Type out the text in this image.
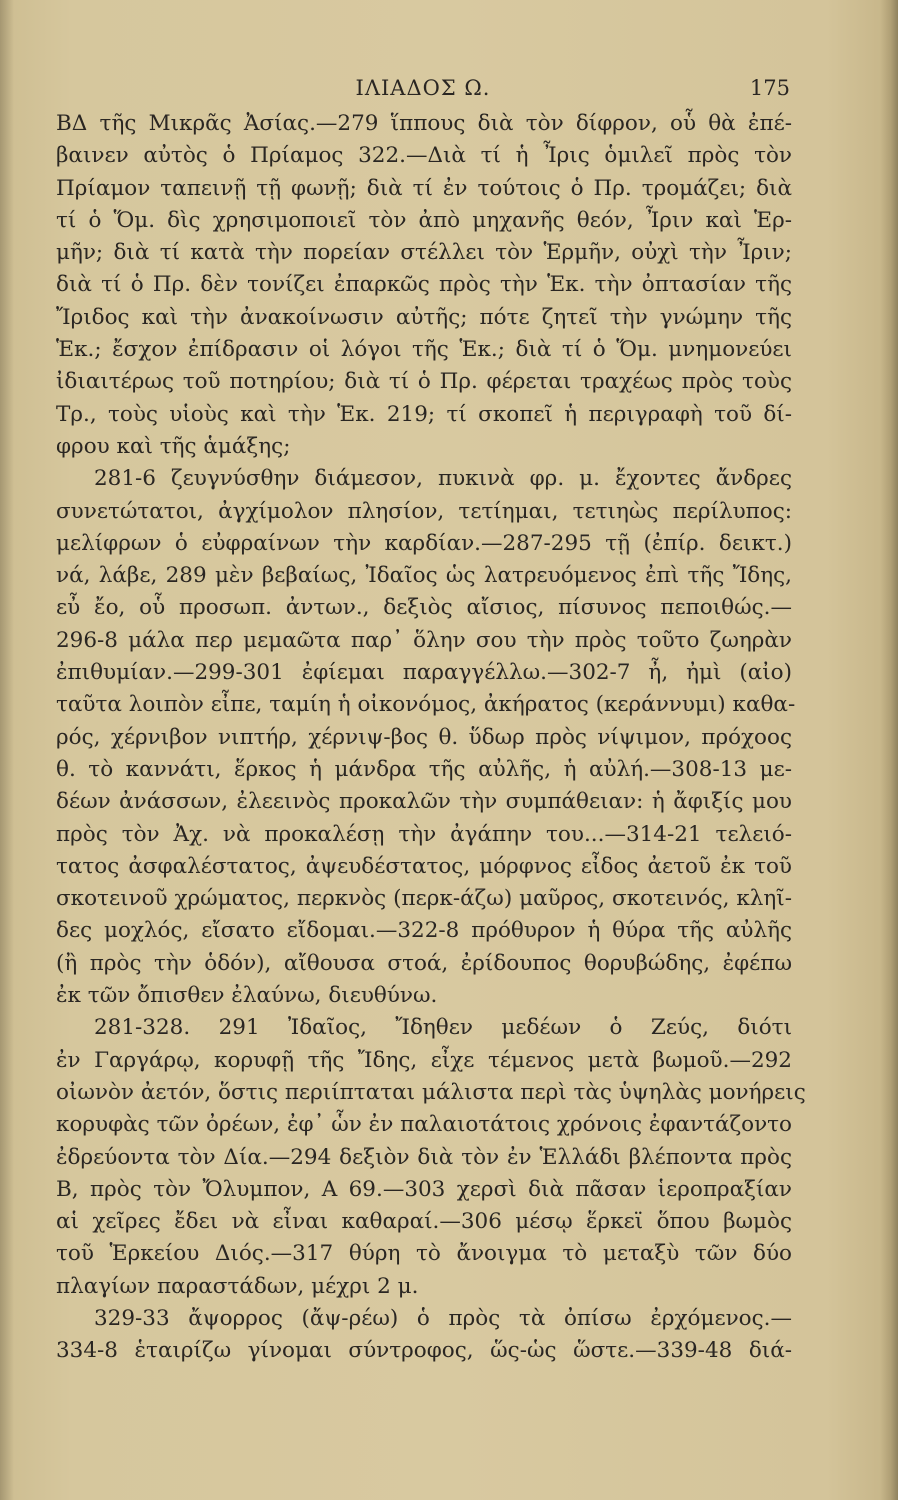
ΙΛΙΑΔΟΣ Ω.	175
ΒΔ τῆς Μικρᾶς Ἀσίας.—279 ἵππους διὰ τὸν δίφρον, οὗ θὰ ἐπέ-
βαινεν αὐτὸς ὁ Πρίαμος 322.—Διὰ τί ἡ Ἶρις ὁμιλεῖ πρὸς τὸν
Πρίαμον ταπεινῇ τῇ φωνῇ; διὰ τί ἐν τούτοις ὁ Πρ. τρομάζει; διὰ
τί ὁ Ὅμ. δὶς χρησιμοποιεῖ τὸν ἀπὸ μηχανῆς θεόν, Ἶριν καὶ Ἑρ-
μῆν; διὰ τί κατὰ τὴν πορείαν στέλλει τὸν Ἑρμῆν, οὐχὶ τὴν Ἶριν;
διὰ τί ὁ Πρ. δὲν τονίζει ἐπαρκῶς πρὸς τὴν Ἑκ. τὴν ὀπτασίαν τῆς
Ἴριδος καὶ τὴν ἀνακοίνωσιν αὐτῆς; πότε ζητεῖ τὴν γνώμην τῆς
Ἑκ.; ἔσχον ἐπίδρασιν οἱ λόγοι τῆς Ἑκ.; διὰ τί ὁ Ὅμ. μνημονεύει
ἰδιαιτέρως τοῦ ποτηρίου; διὰ τί ὁ Πρ. φέρεται τραχέως πρὸς τοὺς
Τρ., τοὺς υἱοὺς καὶ τὴν Ἑκ. 219; τί σκοπεῖ ἡ περιγραφὴ τοῦ δί-
φρου καὶ τῆς ἁμάξης;
281-6 ζευγνύσθην διάμεσον, πυκινὰ φρ. μ. ἔχοντες ἄνδρες
συνετώτατοι, ἀγχίμολον πλησίον, τετίημαι, τετιηὼς περίλυπος:
μελίφρων ὁ εὐφραίνων τὴν καρδίαν.—287-295 τῇ (ἐπίρ. δεικτ.)
νά, λάβε, 289 μὲν βεβαίως, Ἰδαῖος ὡς λατρευόμενος ἐπὶ τῆς Ἴδης,
εὖ ἔο, οὗ προσωπ. ἀντων., δεξιὸς αἴσιος, πίσυνος πεποιθώς.—
296-8 μάλα περ μεμαῶτα παρ᾽ ὅλην σου τὴν πρὸς τοῦτο ζωηρὰν
ἐπιθυμίαν.—299-301 ἐφίεμαι παραγγέλλω.—302-7 ἦ, ἠμὶ (αἰο)
ταῦτα λοιπὸν εἶπε, ταμίη ἡ οἰκονόμος, ἀκήρατος (κεράννυμι) καθα-
ρός, χέρνιβον νιπτήρ, χέρνιψ-βος θ. ὕδωρ πρὸς νίψιμον, πρόχοος
θ. τὸ καννάτι, ἕρκος ἡ μάνδρα τῆς αὐλῆς, ἡ αὐλή.—308-13 με-
δέων ἀνάσσων, ἐλεεινὸς προκαλῶν τὴν συμπάθειαν: ἡ ἄφιξίς μου
πρὸς τὸν Ἀχ. νὰ προκαλέσῃ τὴν ἀγάπην του...—314-21 τελειό-
τατος ἀσφαλέστατος, ἀψευδέστατος, μόρφνος εἶδος ἀετοῦ ἐκ τοῦ
σκοτεινοῦ χρώματος, περκνὸς (περκ-άζω) μαῦρος, σκοτεινός, κληῖ-
δες μοχλός, εἴσατο εἴδομαι.—322-8 πρόθυρον ἡ θύρα τῆς αὐλῆς
(ἢ πρὸς τὴν ὁδόν), αἴθουσα στοά, ἐρίδουπος θορυβώδης, ἐφέπω
ἐκ τῶν ὄπισθεν ἐλαύνω, διευθύνω.
281-328. 291 Ἰδαῖος, Ἴδηθεν μεδέων ὁ Ζεύς, διότι
ἐν Γαργάρῳ, κορυφῇ τῆς Ἴδης, εἶχε τέμενος μετὰ βωμοῦ.—292
οἰωνὸν ἀετόν, ὅστις περιίπταται μάλιστα περὶ τὰς ὑψηλὰς μονήρεις
κορυφὰς τῶν ὀρέων, ἐφ᾽ ὧν ἐν παλαιοτάτοις χρόνοις ἐφαντάζοντο
ἐδρεύοντα τὸν Δία.—294 δεξιὸν διὰ τὸν ἐν Ἑλλάδι βλέποντα πρὸς
Β, πρὸς τὸν Ὄλυμπον, Α 69.—303 χερσὶ διὰ πᾶσαν ἱεροπραξίαν
αἱ χεῖρες ἔδει νὰ εἶναι καθαραί.—306 μέσῳ ἕρκεϊ ὅπου βωμὸς
τοῦ Ἑρκείου Διός.—317 θύρη τὸ ἄνοιγμα τὸ μεταξὺ τῶν δύο
πλαγίων παραστάδων, μέχρι 2 μ.
329-33 ἄψορρος (ἄψ-ρέω) ὁ πρὸς τὰ ὀπίσω ἐρχόμενος.—
334-8 ἑταιρίζω γίνομαι σύντροφος, ὥς-ὡς ὥστε.—339-48 διά-
